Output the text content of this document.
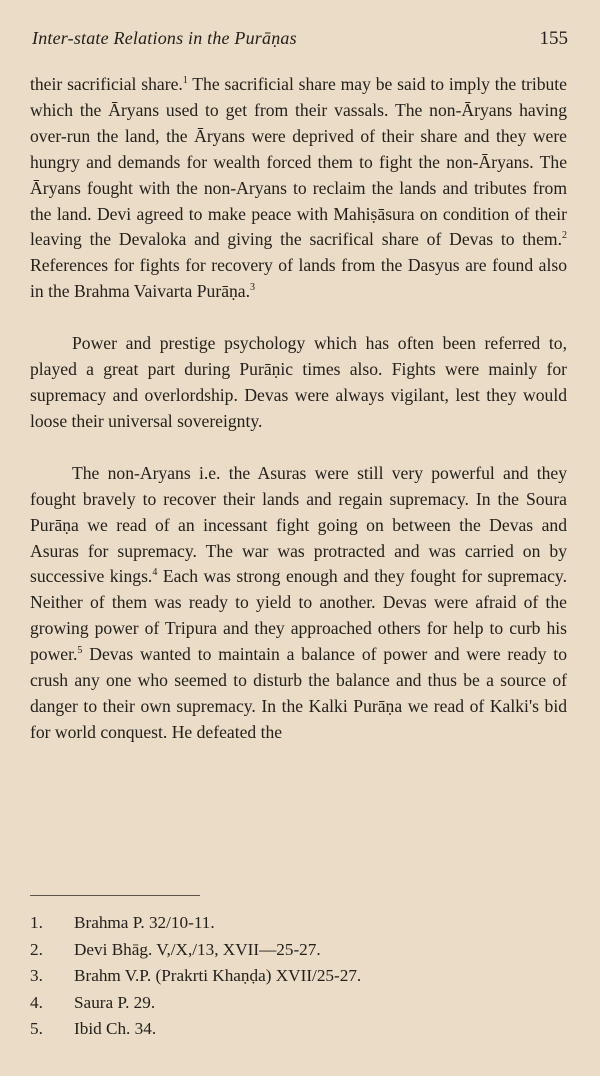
Inter-state Relations in the Purāṇas	155

their sacrificial share.$^1$ The sacrificial share may be said to imply the tribute which the Āryans used to get from their vassals. The non-Āryans having over-run the land, the Āryans were deprived of their share and they were hungry and demands for wealth forced them to fight the non-Āryans. The Āryans fought with the non-Aryans to reclaim the lands and tributes from the land. Devi agreed to make peace with Mahiṣāsura on condition of their leaving the Devaloka and giving the sacrifical share of Devas to them.$^2$ References for fights for recovery of lands from the Dasyus are found also in the Brahma Vaivarta Purāṇa.$^3$

Power and prestige psychology which has often been referred to, played a great part during Purāṇic times also. Fights were mainly for supremacy and overlordship. Devas were always vigilant, lest they would loose their universal sovereignty.

The non-Aryans i.e. the Asuras were still very powerful and they fought bravely to recover their lands and regain supremacy. In the Soura Purāṇa we read of an incessant fight going on between the Devas and Asuras for supremacy. The war was protracted and was carried on by successive kings.$^4$ Each was strong enough and they fought for supremacy. Neither of them was ready to yield to another. Devas were afraid of the growing power of Tripura and they approached others for help to curb his power.$^5$ Devas wanted to maintain a balance of power and were ready to crush any one who seemed to disturb the balance and thus be a source of danger to their own supremacy. In the Kalki Purāṇa we read of Kalki's bid for world conquest. He defeated the

1.	Brahma P. 32/10-11.
2.	Devi Bhāg. V,/X,/13, XVII—25-27.
3.	Brahm V.P. (Prakrti Khaṇḍa) XVII/25-27.
4.	Saura P. 29.
5.	Ibid Ch. 34.
